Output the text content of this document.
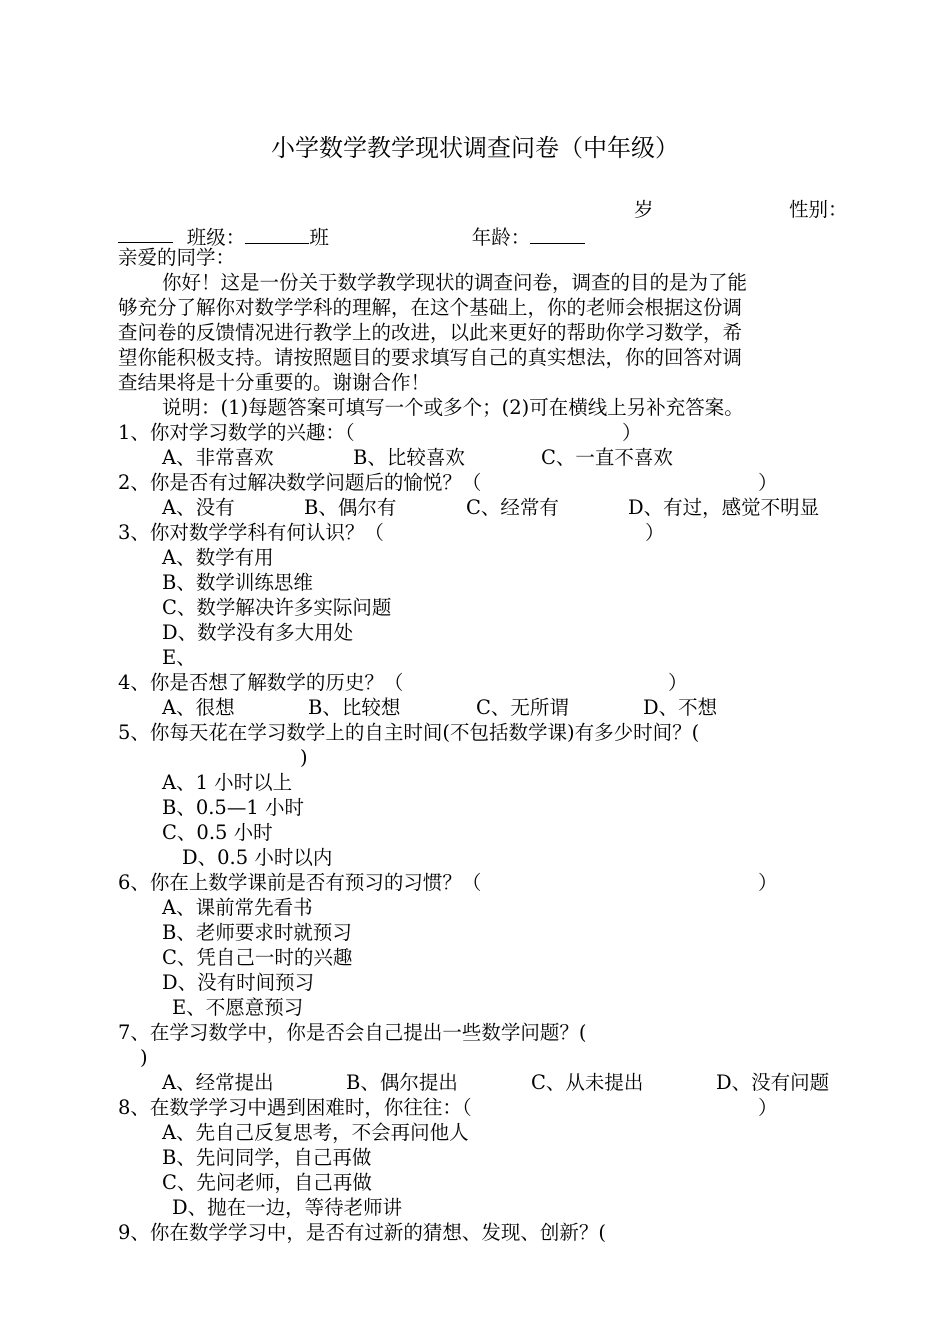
小学数学教学现状调查问卷（中年级）

班级：	班
	年龄：

岁	性别：
亲爱的同学：
你好！这是一份关于数学教学现状的调查问卷，调查的目的是为了能
够充分了解你对数学学科的理解，在这个基础上，你的老师会根据这份调
查问卷的反馈情况进行教学上的改进，以此来更好的帮助你学习数学，希
望你能积极支持。请按照题目的要求填写自己的真实想法，你的回答对调
查结果将是十分重要的。谢谢合作！
说明：(1)每题答案可填写一个或多个；(2)可在横线上另补充答案。
1、你对学习数学的兴趣：（	）
A、非常喜欢	B、比较喜欢	C、一直不喜欢
2、你是否有过解决数学问题后的愉悦？（	）
A、没有	B、偶尔有	C、经常有	D、有过，感觉不明显
3、你对数学学科有何认识？（	）
A、数学有用
B、数学训练思维
C、数学解决许多实际问题
D、数学没有多大用处
E、
4、你是否想了解数学的历史？（	）
A、很想	B、比较想	C、无所谓	D、不想
5、你每天花在学习数学上的自主时间(不包括数学课)有多少时间？(
)
A、1 小时以上
B、0.5—1 小时
C、0.5 小时
D、0.5 小时以内
6、你在上数学课前是否有预习的习惯？（	）
A、课前常先看书
B、老师要求时就预习
C、凭自己一时的兴趣
D、没有时间预习
E、不愿意预习
7、在学习数学中，你是否会自己提出一些数学问题？(
)
A、经常提出	B、偶尔提出	C、从未提出	D、没有问题
8、在数学学习中遇到困难时，你往往：（	）
A、先自己反复思考，不会再问他人
B、先问同学，自己再做
C、先问老师，自己再做
D、抛在一边，等待老师讲
9、你在数学学习中，是否有过新的猜想、发现、创新？(
